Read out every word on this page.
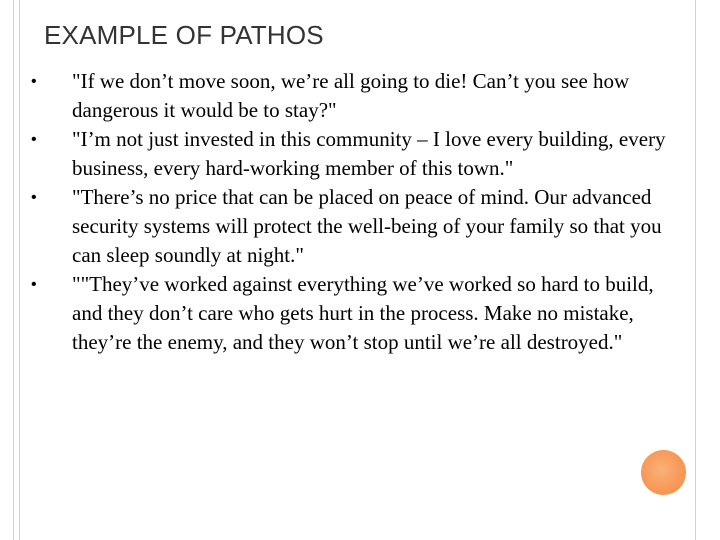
EXAMPLE OF PATHOS
•	"If we don’t move soon, we’re all going to die! Can’t you see how dangerous it would be to stay?"
•	"I’m not just invested in this community – I love every building, every business, every hard-working member of this town."
•	"There’s no price that can be placed on peace of mind. Our advanced security systems will protect the well-being of your family so that you can sleep soundly at night."
•	""They’ve worked against everything we’ve worked so hard to build, and they don’t care who gets hurt in the process. Make no mistake, they’re the enemy, and they won’t stop until we’re all destroyed."
